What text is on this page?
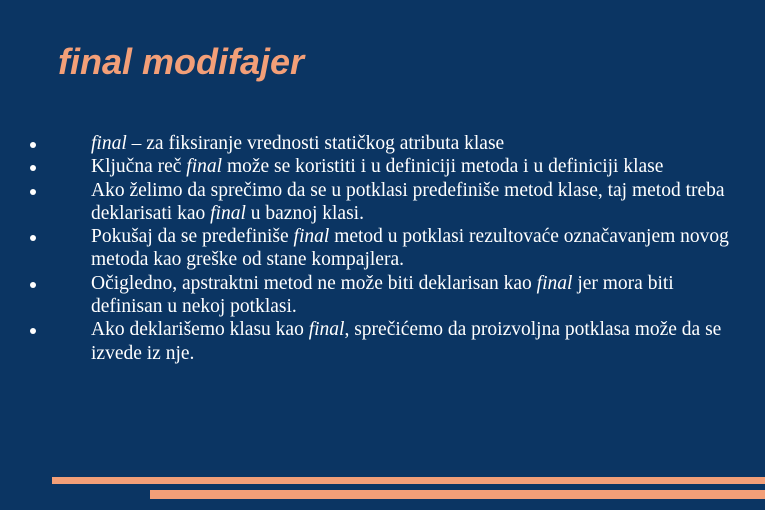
final modifajer
final – za fiksiranje vrednosti statičkog atributa klase
Ključna reč final može se koristiti i u definiciji metoda i u definiciji klase
Ako želimo da sprečimo da se u potklasi predefiniše metod klase, taj metod treba deklarisati kao final u baznoj klasi.
Pokušaj da se predefiniše final metod u potklasi rezultovaće označavanjem novog metoda kao greške od stane kompajlera.
Očigledno, apstraktni metod ne može biti deklarisan kao final jer mora biti definisan u nekoj potklasi.
Ako deklarišemo klasu kao final, sprečićemo da proizvoljna potklasa može da se izvede iz nje.
